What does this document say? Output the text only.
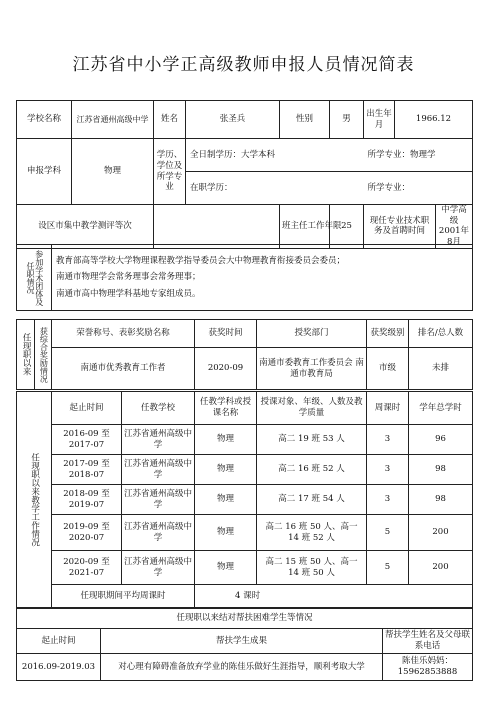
江苏省中小学正高级教师申报人员情况简表
学校名称	江苏省通州高级中学	姓名	张圣兵	性别	男	出生年月	1966.12	
申报学科	物理	学历、学位及所学专业	全日制学历：大学本科			所学专业：物理学		
			在职学历：			所学专业：		
设区市集中教学测评等次				班主任工作年限	25	现任专业技术职务及首聘时间		中学高级 2001年8月
参加学术团体及任职情况

教育部高等学校大学物理课程教学指导委员会大中物理教育衔接委员会委员；
南通市物理学会常务理事会常务理事；
南通市高中物理学科基地专家组成员。
任现职以来	获综合奖励情况	荣誉称号、表彰奖励名称	获奖时间	授奖部门	获奖级别	排名/总人数
		南通市优秀教育工作者	2020-09	南通市委教育工作委员会 南通市教育局	市级	未排
任现职以来教学工作情况	起止时间	任教学校	任教学科或授课名称	授课对象、年级、人数及教学质量	周课时	学年总学时
	2016-09 至 2017-07	江苏省通州高级中学	物理	高二 19 班 53 人	3	96
	2017-09 至 2018-07	江苏省通州高级中学	物理	高二 16 班 52 人	3	98
	2018-09 至 2019-07	江苏省通州高级中学	物理	高二 17 班 54 人	3	98
	2019-09 至 2020-07	江苏省通州高级中学	物理	高二 16 班 50 人、高一 14 班 52 人	5	200
	2020-09 至 2021-07	江苏省通州高级中学	物理	高二 15 班 50 人、高一 14 班 50 人	5	200
	任现职期间平均周课时		4 课时			
任现职以来结对帮扶困难学生等情况		
起止时间	帮扶学生成果	帮扶学生姓名及父母联系电话
2016.09-2019.03	对心理有障碍准备放弃学业的陈佳乐做好生涯指导，顺利考取大学	陈佳乐妈妈：15962853888
